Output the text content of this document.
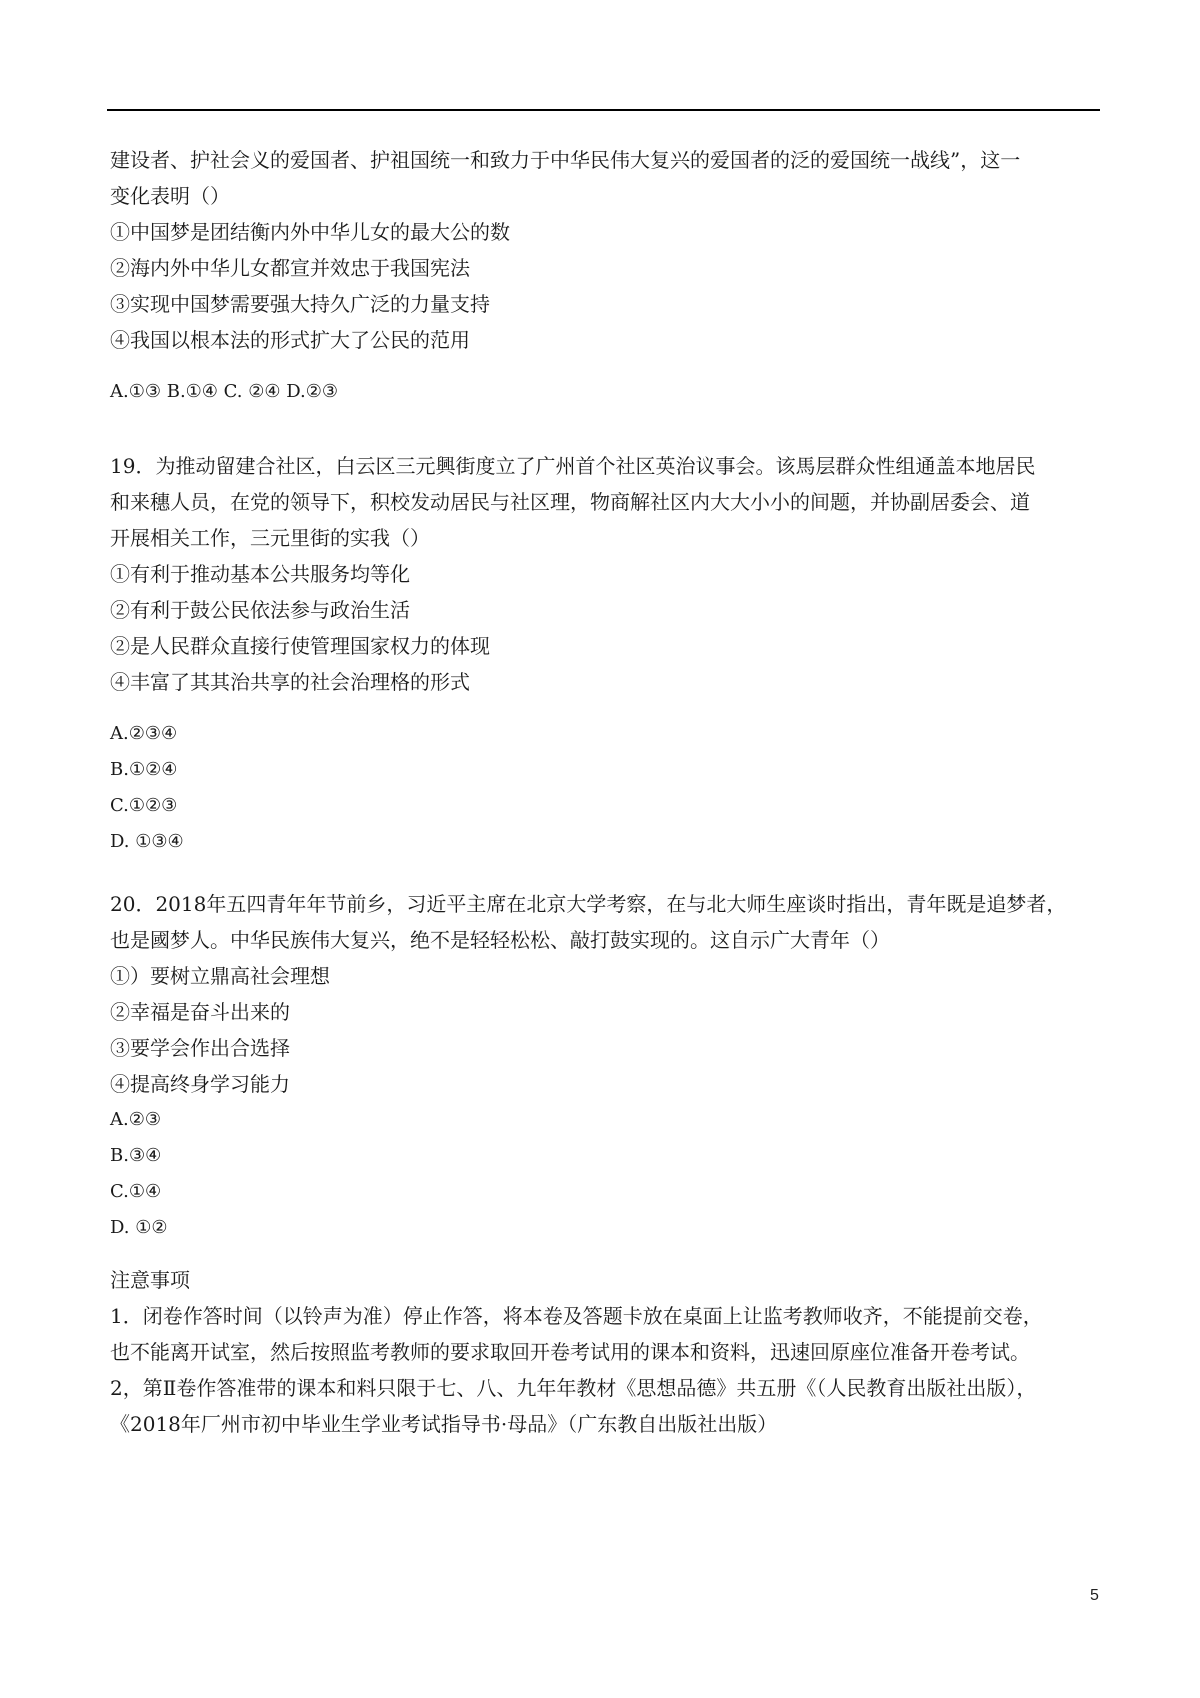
建设者、护社会义的爱国者、护祖国统一和致力于中华民伟大复兴的爱国者的泛的爱国统一战线”，这一
变化表明（）
①中国梦是团结衡内外中华儿女的最大公的数
②海内外中华儿女都宣并效忠于我国宪法
③实现中国梦需要强大持久广泛的力量支持
④我国以根本法的形式扩大了公民的范用
A.①③ B.①④ C. ②④ D.②③
19．为推动留建合社区，白云区三元興街度立了广州首个社区英治议事会。该馬层群众性组通盖本地居民
和来穗人员，在党的领导下，积校发动居民与社区理，物商解社区内大大小小的间题，并协副居委会、道
开展相关工作，三元里街的实我（）
①有利于推动基本公共服务均等化
②有利于鼓公民依法参与政治生活
②是人民群众直接行使管理国家权力的体现
④丰富了其其治共享的社会治理格的形式
A.②③④
B.①②④
C.①②③
D. ①③④
20．2018年五四青年年节前乡，习近平主席在北京大学考察，在与北大师生座谈时指出，青年既是追梦者，
也是國梦人。中华民族伟大复兴，绝不是轻轻松松、敲打鼓实现的。这自示广大青年（）
①）要树立鼎高社会理想
②幸福是奋斗出来的
③要学会作出合选择
④提高终身学习能力
A.②③
B.③④
C.①④
D. ①②
注意事项
1．闭卷作答时间（以铃声为准）停止作答，将本卷及答题卡放在桌面上让监考教师收齐，不能提前交卷，
也不能离开试室，然后按照监考教师的要求取回开卷考试用的课本和资料，迅速回原座位准备开卷考试。
2，第Ⅱ卷作答准带的课本和料只限于七、八、九年年教材《思想品德》共五册《（人民教育出版社出版），
《2018年厂州市初中毕业生学业考试指导书·母品》（广东教自出版社出版）
5
